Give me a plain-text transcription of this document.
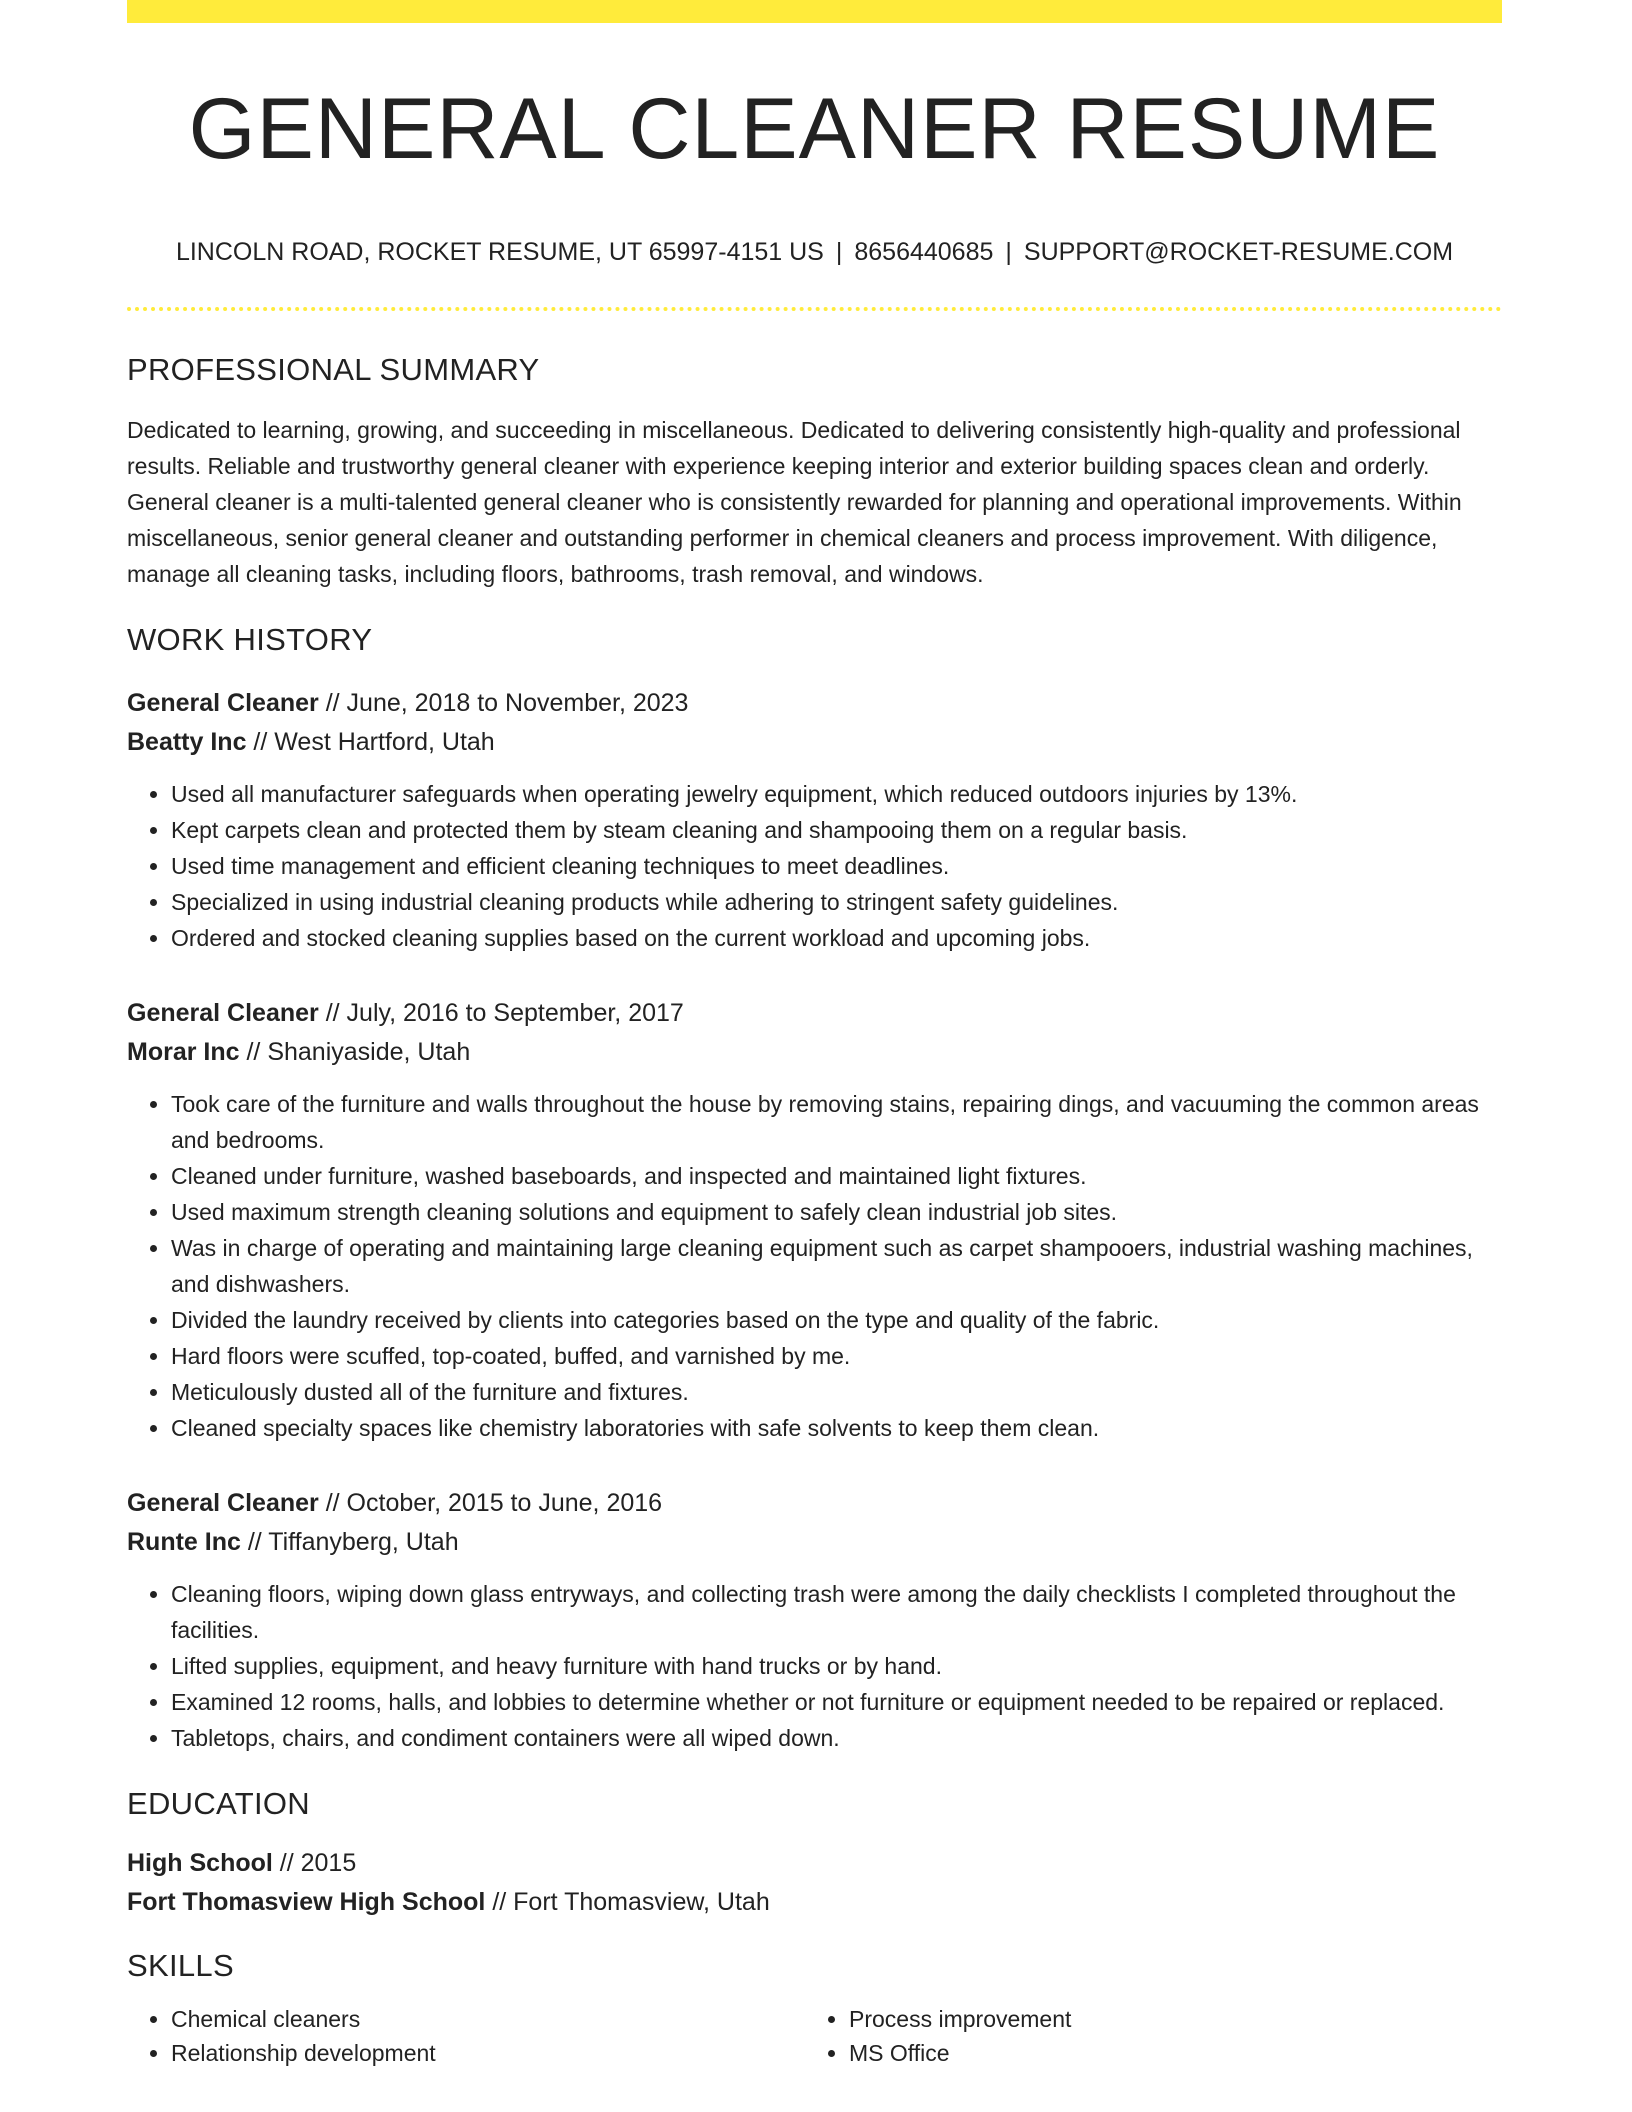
GENERAL CLEANER RESUME
LINCOLN ROAD, ROCKET RESUME, UT 65997-4151 US | 8656440685 | SUPPORT@ROCKET-RESUME.COM
PROFESSIONAL SUMMARY

Dedicated to learning, growing, and succeeding in miscellaneous. Dedicated to delivering consistently high-quality and professional results. Reliable and trustworthy general cleaner with experience keeping interior and exterior building spaces clean and orderly. General cleaner is a multi-talented general cleaner who is consistently rewarded for planning and operational improvements. Within miscellaneous, senior general cleaner and outstanding performer in chemical cleaners and process improvement. With diligence, manage all cleaning tasks, including floors, bathrooms, trash removal, and windows.

WORK HISTORY
General Cleaner // June, 2018 to November, 2023
Beatty Inc // West Hartford, Utah
• Used all manufacturer safeguards when operating jewelry equipment, which reduced outdoors injuries by 13%.
• Kept carpets clean and protected them by steam cleaning and shampooing them on a regular basis.
• Used time management and efficient cleaning techniques to meet deadlines.
• Specialized in using industrial cleaning products while adhering to stringent safety guidelines.
• Ordered and stocked cleaning supplies based on the current workload and upcoming jobs.
General Cleaner // July, 2016 to September, 2017
Morar Inc // Shaniyaside, Utah
• Took care of the furniture and walls throughout the house by removing stains, repairing dings, and vacuuming the common areas and bedrooms.
• Cleaned under furniture, washed baseboards, and inspected and maintained light fixtures.
• Used maximum strength cleaning solutions and equipment to safely clean industrial job sites.
• Was in charge of operating and maintaining large cleaning equipment such as carpet shampooers, industrial washing machines, and dishwashers.
• Divided the laundry received by clients into categories based on the type and quality of the fabric.
• Hard floors were scuffed, top-coated, buffed, and varnished by me.
• Meticulously dusted all of the furniture and fixtures.
• Cleaned specialty spaces like chemistry laboratories with safe solvents to keep them clean.
General Cleaner // October, 2015 to June, 2016
Runte Inc // Tiffanyberg, Utah
• Cleaning floors, wiping down glass entryways, and collecting trash were among the daily checklists I completed throughout the facilities.
• Lifted supplies, equipment, and heavy furniture with hand trucks or by hand.
• Examined 12 rooms, halls, and lobbies to determine whether or not furniture or equipment needed to be repaired or replaced.
• Tabletops, chairs, and condiment containers were all wiped down.
EDUCATION
High School // 2015
Fort Thomasview High School // Fort Thomasview, Utah
SKILLS
• Chemical cleaners
• Relationship development
• Process improvement
• MS Office
